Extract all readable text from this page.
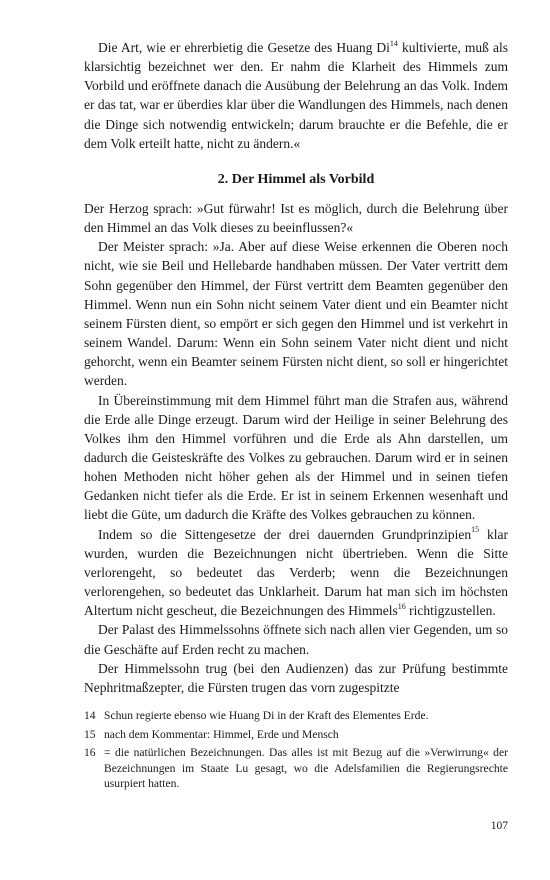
Die Art, wie er ehrerbietig die Gesetze des Huang Di$^{14}$ kultivierte, muß als klarsichtig bezeichnet wer den. Er nahm die Klarheit des Himmels zum Vorbild und eröffnete danach die Ausübung der Belehrung an das Volk. Indem er das tat, war er überdies klar über die Wandlungen des Himmels, nach denen die Dinge sich notwendig entwickeln; darum brauchte er die Befehle, die er dem Volk erteilt hatte, nicht zu ändern.«

2. Der Himmel als Vorbild

Der Herzog sprach: »Gut fürwahr! Ist es möglich, durch die Belehrung über den Himmel an das Volk dieses zu beeinflussen?«

Der Meister sprach: »Ja. Aber auf diese Weise erkennen die Oberen noch nicht, wie sie Beil und Hellebarde handhaben müssen. Der Vater vertritt dem Sohn gegenüber den Himmel, der Fürst vertritt dem Beamten gegenüber den Himmel. Wenn nun ein Sohn nicht seinem Vater dient und ein Beamter nicht seinem Fürsten dient, so empört er sich gegen den Himmel und ist verkehrt in seinem Wandel. Darum: Wenn ein Sohn seinem Vater nicht dient und nicht gehorcht, wenn ein Beamter seinem Fürsten nicht dient, so soll er hingerichtet werden.

In Übereinstimmung mit dem Himmel führt man die Strafen aus, während die Erde alle Dinge erzeugt. Darum wird der Heilige in seiner Belehrung des Volkes ihm den Himmel vorführen und die Erde als Ahn darstellen, um dadurch die Geisteskräfte des Volkes zu gebrauchen. Darum wird er in seinen hohen Methoden nicht höher gehen als der Himmel und in seinen tiefen Gedanken nicht tiefer als die Erde. Er ist in seinem Erkennen wesenhaft und liebt die Güte, um dadurch die Kräfte des Volkes gebrauchen zu können.

Indem so die Sittengesetze der drei dauernden Grundprinzipien$^{15}$ klar wurden, wurden die Bezeichnungen nicht übertrieben. Wenn die Sitte verlorengeht, so bedeutet das Verderb; wenn die Bezeichnungen verlorengehen, so bedeutet das Unklarheit. Darum hat man sich im höchsten Altertum nicht gescheut, die Bezeichnungen des Himmels$^{16}$ richtigzustellen.

Der Palast des Himmelssohns öffnete sich nach allen vier Gegenden, um so die Geschäfte auf Erden recht zu machen.

Der Himmelssohn trug (bei den Audienzen) das zur Prüfung bestimmte Nephritmaßzepter, die Fürsten trugen das vorn zugespitzte

14 Schun regierte ebenso wie Huang Di in der Kraft des Elementes Erde.
15 nach dem Kommentar: Himmel, Erde und Mensch
16 = die natürlichen Bezeichnungen. Das alles ist mit Bezug auf die »Verwirrung« der Bezeichnungen im Staate Lu gesagt, wo die Adelsfamilien die Regierungsrechte usurpiert hatten.
107
